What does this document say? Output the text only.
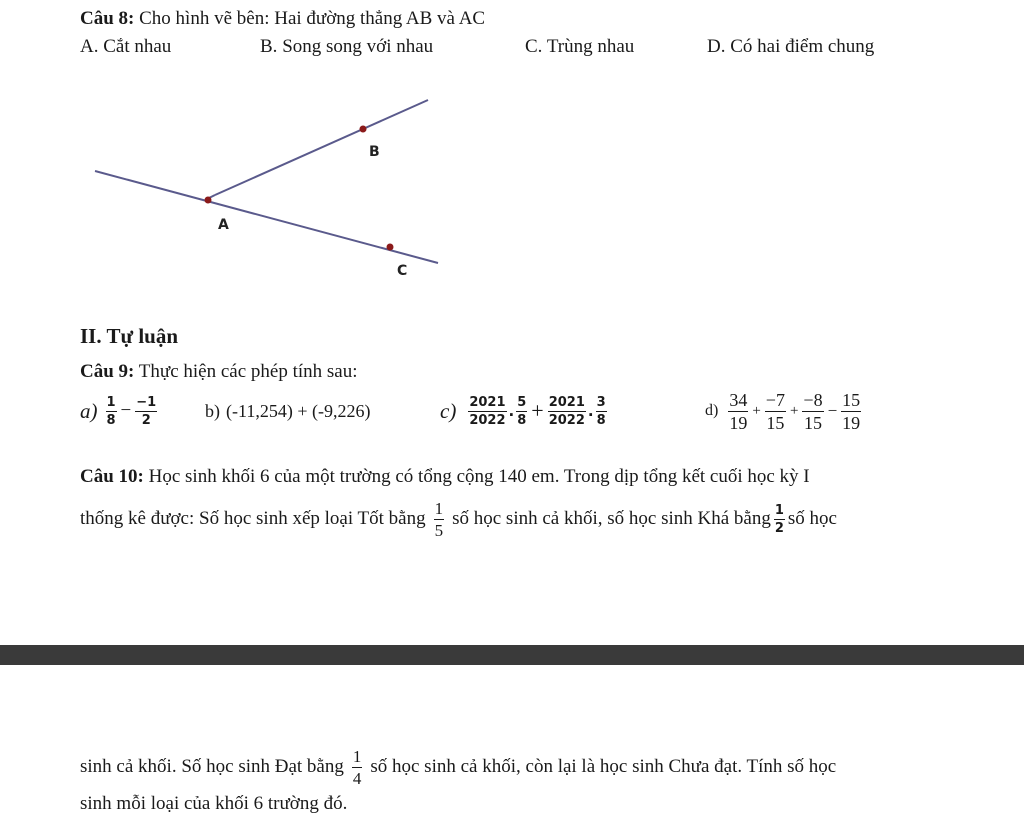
Câu 8: Cho hình vẽ bên: Hai đường thẳng AB và AC
A. Cắt nhau	B. Song song với nhau	C. Trùng nhau	D. Có hai điểm chung
A
B
C
II. Tự luận
Câu 9: Thực hiện các phép tính sau:
$a) \frac{1}{8} - \frac{-1}{2}$	b) (-11,254) + (-9,226)	$c) \frac{2021}{2022}$ . $\frac{5}{8} + \frac{2021}{2022}$ . $\frac{3}{8}$	$d) \frac{34}{19} + \frac{-7}{15} + \frac{-8}{15} - \frac{15}{19}$
Câu 10: Học sinh khối 6 của một trường có tổng cộng 140 em. Trong dịp tổng kết cuối học kỳ I
thống kê được: Số học sinh xếp loại Tốt bằng $\frac{1}{5}$ số học sinh cả khối, số học sinh Khá bằng $\frac{1}{2}$ số học
sinh cả khối. Số học sinh Đạt bằng $\frac{1}{4}$ số học sinh cả khối, còn lại là học sinh Chưa đạt. Tính số học
sinh mỗi loại của khối 6 trường đó.
